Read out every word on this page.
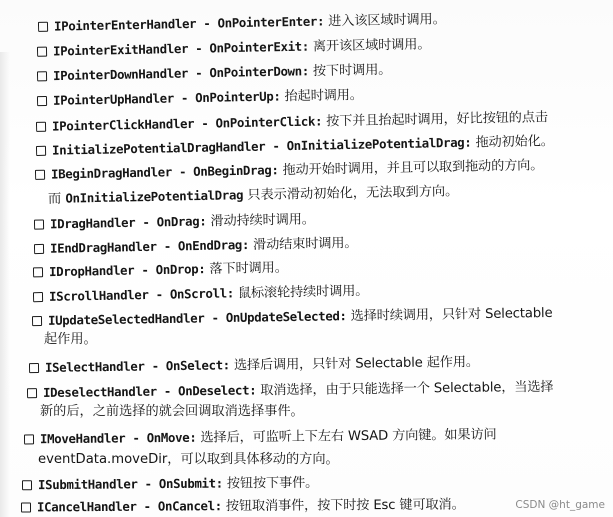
IPointerEnterHandler - OnPointerEnter: 进入该区域时调用。
IPointerExitHandler - OnPointerExit: 离开该区域时调用。
IPointerDownHandler - OnPointerDown: 按下时调用。
IPointerUpHandler - OnPointerUp: 抬起时调用。
IPointerClickHandler - OnPointerClick: 按下并且抬起时调用，好比按钮的点击
InitializePotentialDragHandler - OnInitializePotentialDrag: 拖动初始化。
IBeginDragHandler - OnBeginDrag: 拖动开始时调用，并且可以取到拖动的方向。
而 OnInitializePotentialDrag 只表示滑动初始化，无法取到方向。
IDragHandler - OnDrag: 滑动持续时调用。
IEndDragHandler - OnEndDrag: 滑动结束时调用。
IDropHandler - OnDrop: 落下时调用。
IScrollHandler - OnScroll: 鼠标滚轮持续时调用。
IUpdateSelectedHandler - OnUpdateSelected: 选择时续调用，只针对 Selectable
起作用。
ISelectHandler - OnSelect: 选择后调用，只针对 Selectable 起作用。
IDeselectHandler - OnDeselect: 取消选择，由于只能选择一个 Selectable，当选择
新的后，之前选择的就会回调取消选择事件。
IMoveHandler - OnMove: 选择后，可监听上下左右 WSAD 方向键。如果访问
eventData.moveDir，可以取到具体移动的方向。
ISubmitHandler - OnSubmit: 按钮按下事件。
ICancelHandler - OnCancel: 按钮取消事件，按下时按 Esc 键可取消。	CSDN @ht_game
